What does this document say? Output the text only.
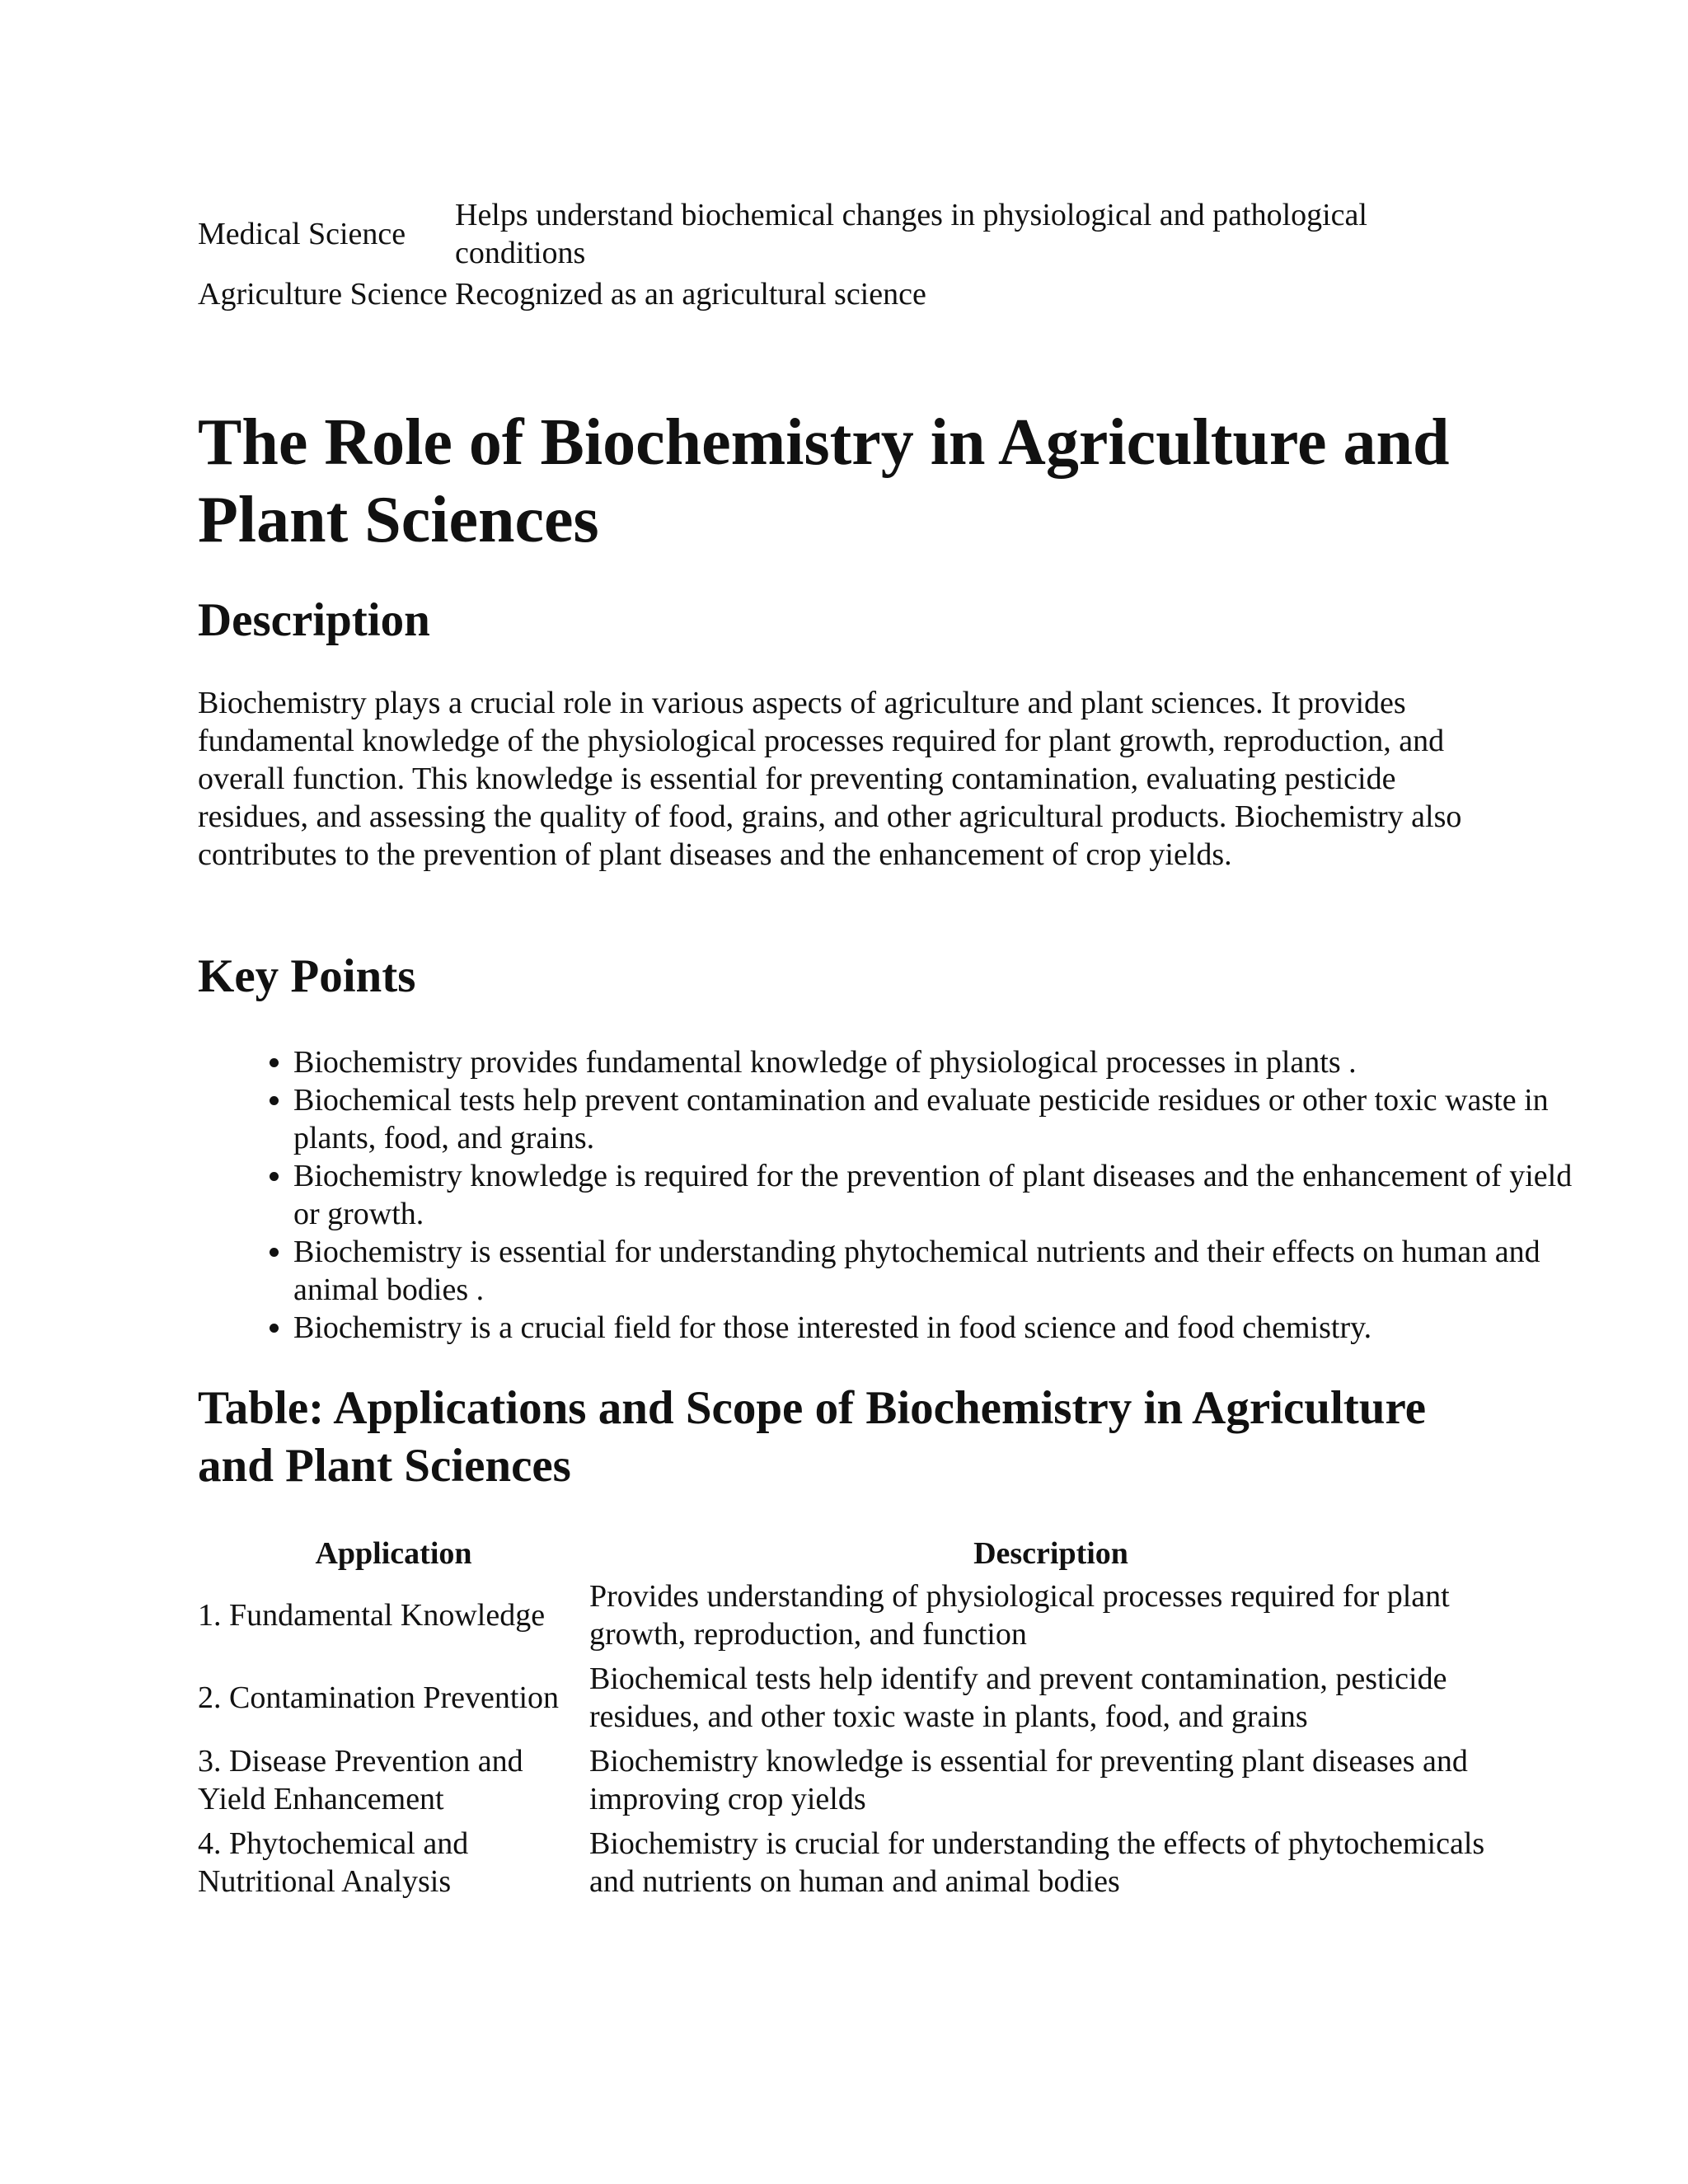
Medical Science	Helps understand biochemical changes in physiological and pathological conditions
Agriculture Science	Recognized as an agricultural science
The Role of Biochemistry in Agriculture and Plant Sciences
Description

Biochemistry plays a crucial role in various aspects of agriculture and plant sciences. It provides fundamental knowledge of the physiological processes required for plant growth, reproduction, and overall function. This knowledge is essential for preventing contamination, evaluating pesticide residues, and assessing the quality of food, grains, and other agricultural products. Biochemistry also contributes to the prevention of plant diseases and the enhancement of crop yields.

Key Points
• Biochemistry provides fundamental knowledge of physiological processes in plants .
• Biochemical tests help prevent contamination and evaluate pesticide residues or other toxic waste in plants, food, and grains.
• Biochemistry knowledge is required for the prevention of plant diseases and the enhancement of yield or growth.
• Biochemistry is essential for understanding phytochemical nutrients and their effects on human and animal bodies .
• Biochemistry is a crucial field for those interested in food science and food chemistry.
Table: Applications and Scope of Biochemistry in Agriculture and Plant Sciences
Application	Description
1. Fundamental Knowledge	Provides understanding of physiological processes required for plant growth, reproduction, and function
2. Contamination Prevention	Biochemical tests help identify and prevent contamination, pesticide residues, and other toxic waste in plants, food, and grains
3. Disease Prevention and Yield Enhancement	Biochemistry knowledge is essential for preventing plant diseases and improving crop yields
4. Phytochemical and Nutritional Analysis	Biochemistry is crucial for understanding the effects of phytochemicals and nutrients on human and animal bodies
